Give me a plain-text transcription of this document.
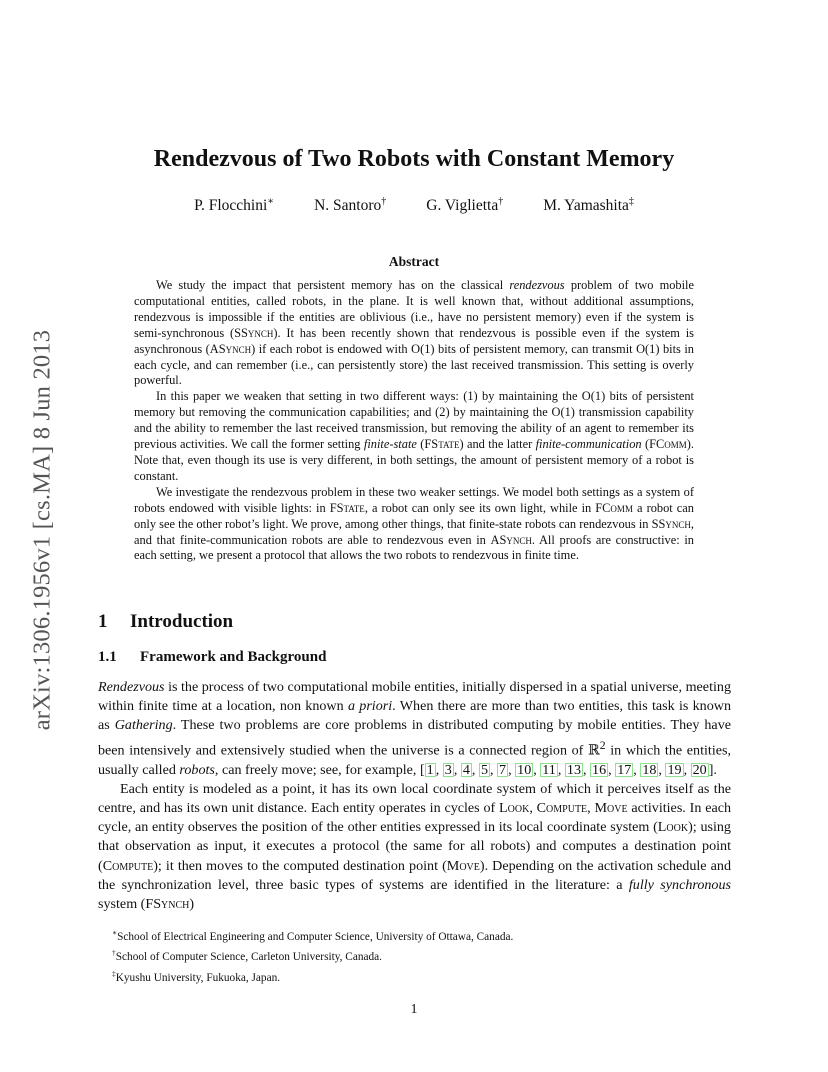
arXiv:1306.1956v1 [cs.MA] 8 Jun 2013
Rendezvous of Two Robots with Constant Memory
P. Flocchini∗	N. Santoro†	G. Viglietta†	M. Yamashita‡
Abstract

We study the impact that persistent memory has on the classical rendezvous problem of two mobile computational entities, called robots, in the plane. It is well known that, without additional assumptions, rendezvous is impossible if the entities are oblivious (i.e., have no persistent memory) even if the system is semi-synchronous (SSynch). It has been recently shown that rendezvous is possible even if the system is asynchronous (ASynch) if each robot is endowed with O(1) bits of persistent memory, can transmit O(1) bits in each cycle, and can remember (i.e., can persistently store) the last received transmission. This setting is overly powerful.

In this paper we weaken that setting in two different ways: (1) by maintaining the O(1) bits of persistent memory but removing the communication capabilities; and (2) by maintaining the O(1) transmission capability and the ability to remember the last received transmission, but removing the ability of an agent to remember its previous activities. We call the former setting finite-state (FState) and the latter finite-communication (FComm). Note that, even though its use is very different, in both settings, the amount of persistent memory of a robot is constant.

We investigate the rendezvous problem in these two weaker settings. We model both settings as a system of robots endowed with visible lights: in FState, a robot can only see its own light, while in FComm a robot can only see the other robot’s light. We prove, among other things, that finite-state robots can rendezvous in SSynch, and that finite-communication robots are able to rendezvous even in ASynch. All proofs are constructive: in each setting, we present a protocol that allows the two robots to rendezvous in finite time.

1 Introduction
1.1 Framework and Background

Rendezvous is the process of two computational mobile entities, initially dispersed in a spatial universe, meeting within finite time at a location, non known a priori. When there are more than two entities, this task is known as Gathering. These two problems are core problems in distributed computing by mobile entities. They have been intensively and extensively studied when the universe is a connected region of ℝ$^2$ in which the entities, usually called robots, can freely move; see, for example, [ 1 , 3 , 4 , 5 , 7 , 10 , 11 , 13 , 16 , 17 , 18 , 19 , 20 ].

Each entity is modeled as a point, it has its own local coordinate system of which it perceives itself as the centre, and has its own unit distance. Each entity operates in cycles of Look, Compute, Move activities. In each cycle, an entity observes the position of the other entities expressed in its local coordinate system (Look); using that observation as input, it executes a protocol (the same for all robots) and computes a destination point (Compute); it then moves to the computed destination point (Move). Depending on the activation schedule and the synchronization level, three basic types of systems are identified in the literature: a fully synchronous system (FSynch)

∗School of Electrical Engineering and Computer Science, University of Ottawa, Canada.
†School of Computer Science, Carleton University, Canada.
‡Kyushu University, Fukuoka, Japan.
1
